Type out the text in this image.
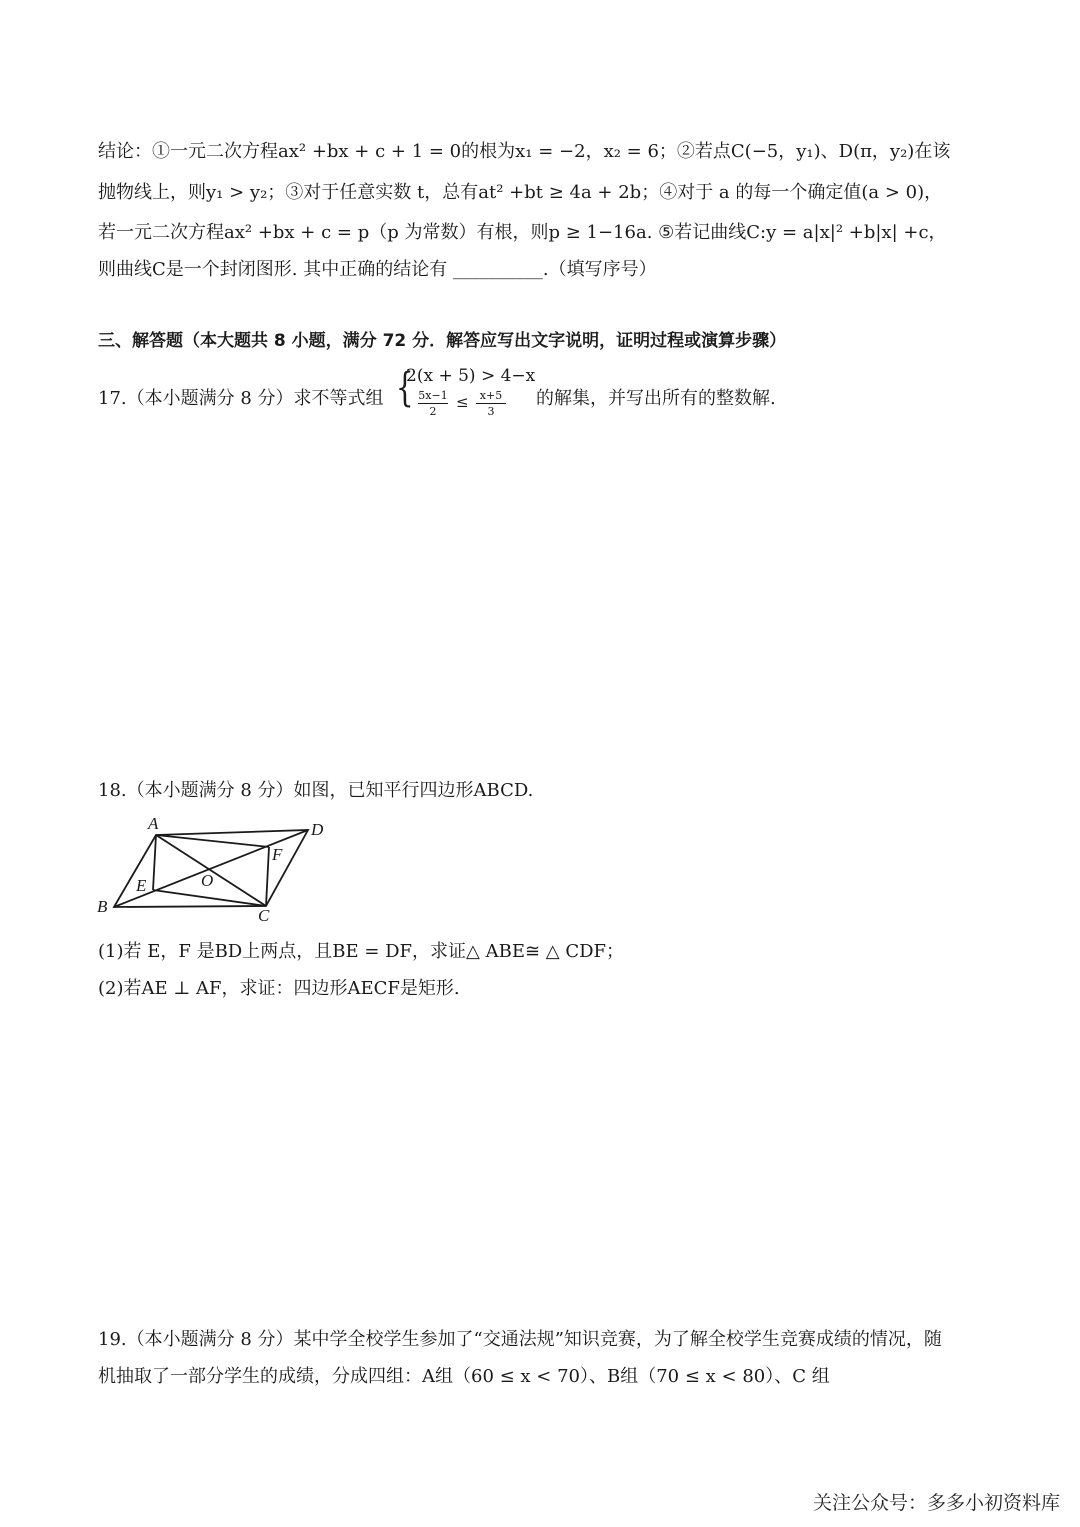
结论：①一元二次方程ax² +bx + c + 1 = 0的根为x₁ = −2，x₂ = 6；②若点C(−5，y₁)、D(π，y₂)在该
抛物线上，则y₁ > y₂；③对于任意实数 t，总有at² +bt ≥ 4a + 2b；④对于 a 的每一个确定值(a > 0)，
若一元二次方程ax² +bx + c = p（p 为常数）有根，则p ≥ 1−16a. ⑤若记曲线C:y = a|x|² +b|x| +c，
则曲线C是一个封闭图形. 其中正确的结论有 __________.（填写序号）
三、解答题（本大题共 8 小题，满分 72 分．解答应写出文字说明，证明过程或演算步骤）
17.（本小题满分 8 分）求不等式组 {
2(x + 5) > 4−x
5x−1
2
≤	x+5
3
的解集，并写出所有的整数解.
18.（本小题满分 8 分）如图，已知平行四边形ABCD.
A
B	C
D
E
F
O
(1)若 E，F 是BD上两点，且BE = DF，求证△ ABE≅ △ CDF；
(2)若AE ⊥ AF，求证：四边形AECF是矩形.
19.（本小题满分 8 分）某中学全校学生参加了“交通法规”知识竞赛，为了解全校学生竞赛成绩的情况，随
机抽取了一部分学生的成绩，分成四组：A组（60 ≤ x < 70）、B组（70 ≤ x < 80）、C 组
关注公众号：多多小初资料库
